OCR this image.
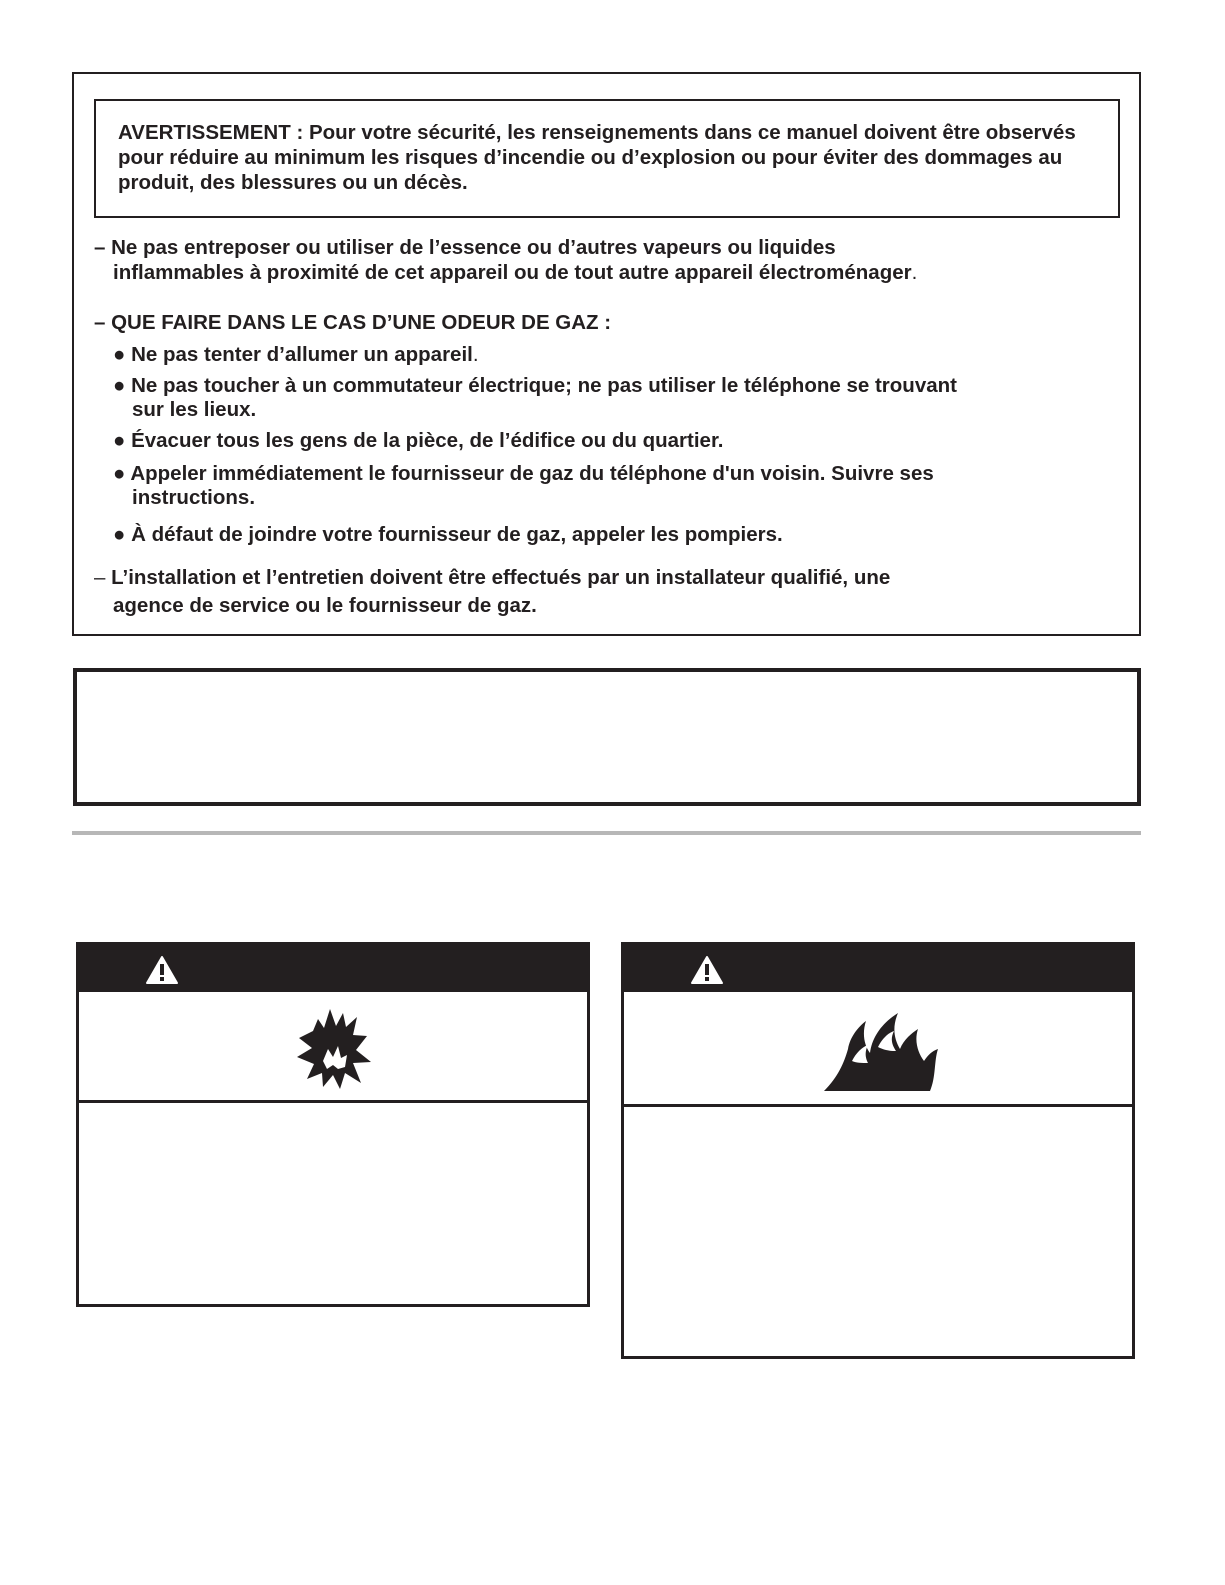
AVERTISSEMENT : Pour votre sécurité, les renseignements dans ce manuel doivent être observés pour réduire au minimum les risques d’incendie ou d’explosion ou pour éviter des dommages au produit, des blessures ou un décès.
– Ne pas entreposer ou utiliser de l’essence ou d’autres vapeurs ou liquides
inflammables à proximité de cet appareil ou de tout autre appareil électroménager.
– QUE FAIRE DANS LE CAS D’UNE ODEUR DE GAZ :
● Ne pas tenter d’allumer un appareil.
● Ne pas toucher à un commutateur électrique; ne pas utiliser le téléphone se trouvant
sur les lieux.
● Évacuer tous les gens de la pièce, de l’édifice ou du quartier.
● Appeler immédiatement le fournisseur de gaz du téléphone d'un voisin. Suivre ses
instructions.
● À défaut de joindre votre fournisseur de gaz, appeler les pompiers.
– L’installation et l’entretien doivent être effectués par un installateur qualifié, une
agence de service ou le fournisseur de gaz.
